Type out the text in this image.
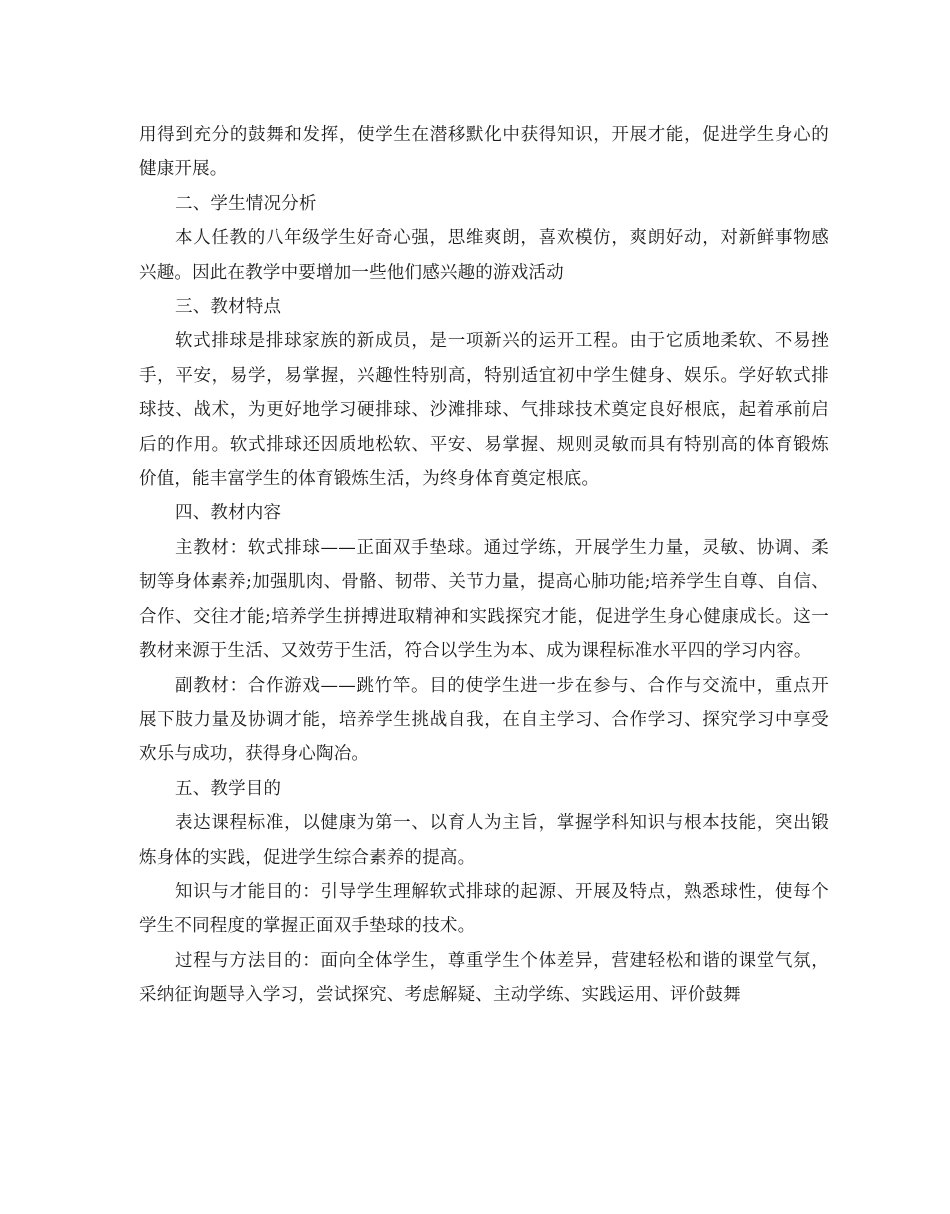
用得到充分的鼓舞和发挥，使学生在潜移默化中获得知识，开展才能，促进学生身心的健康开展。

二、学生情况分析

本人任教的八年级学生好奇心强，思维爽朗，喜欢模仿，爽朗好动，对新鲜事物感兴趣。因此在教学中要增加一些他们感兴趣的游戏活动

三、教材特点

软式排球是排球家族的新成员，是一项新兴的运开工程。由于它质地柔软、不易挫手，平安，易学，易掌握，兴趣性特别高，特别适宜初中学生健身、娱乐。学好软式排球技、战术，为更好地学习硬排球、沙滩排球、气排球技术奠定良好根底，起着承前启后的作用。软式排球还因质地松软、平安、易掌握、规则灵敏而具有特别高的体育锻炼价值，能丰富学生的体育锻炼生活，为终身体育奠定根底。

四、教材内容

主教材：软式排球——正面双手垫球。通过学练，开展学生力量，灵敏、协调、柔韧等身体素养;加强肌肉、骨骼、韧带、关节力量，提高心肺功能;培养学生自尊、自信、合作、交往才能;培养学生拼搏进取精神和实践探究才能，促进学生身心健康成长。这一教材来源于生活、又效劳于生活，符合以学生为本、成为课程标准水平四的学习内容。

副教材：合作游戏——跳竹竿。目的使学生进一步在参与、合作与交流中，重点开展下肢力量及协调才能，培养学生挑战自我，在自主学习、合作学习、探究学习中享受欢乐与成功，获得身心陶冶。

五、教学目的

表达课程标准，以健康为第一、以育人为主旨，掌握学科知识与根本技能，突出锻炼身体的实践，促进学生综合素养的提高。

知识与才能目的：引导学生理解软式排球的起源、开展及特点，熟悉球性，使每个学生不同程度的掌握正面双手垫球的技术。

过程与方法目的：面向全体学生，尊重学生个体差异，营建轻松和谐的课堂气氛，采纳征询题导入学习，尝试探究、考虑解疑、主动学练、实践运用、评价鼓舞
